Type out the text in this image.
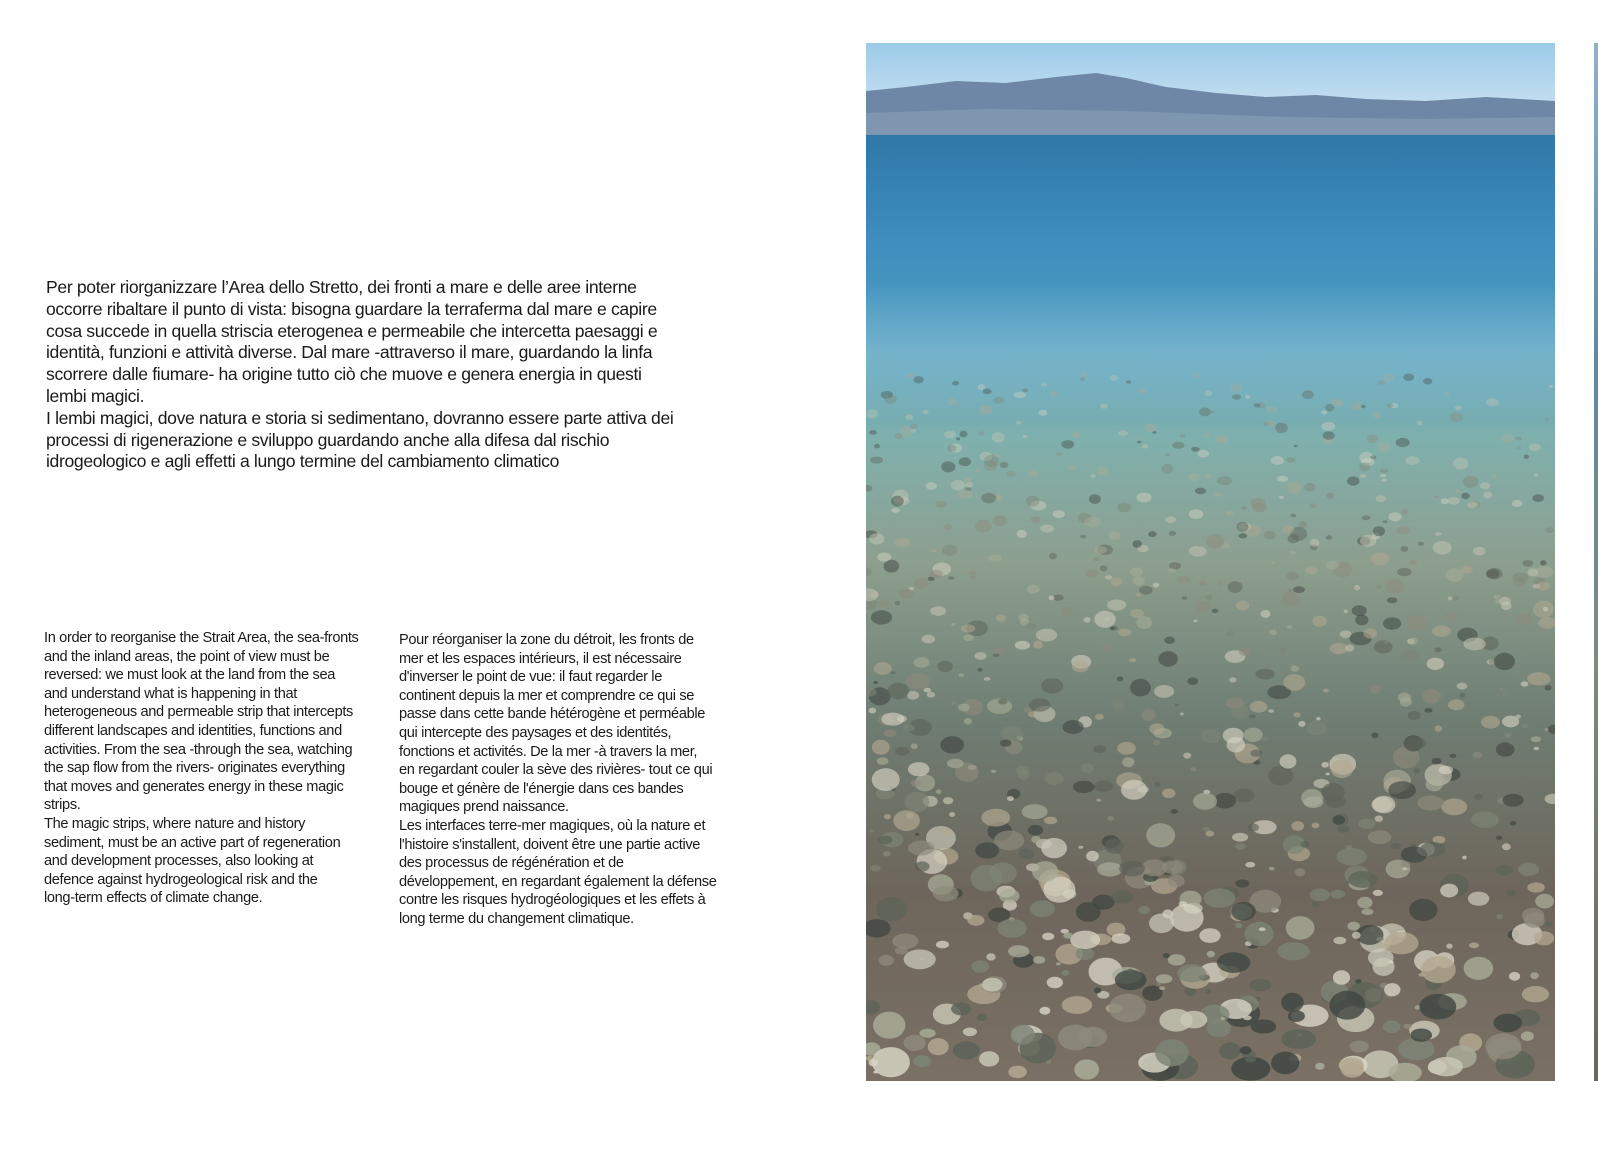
Per poter riorganizzare l’Area dello Stretto, dei fronti a mare e delle aree interne
occorre ribaltare il punto di vista: bisogna guardare la terraferma dal mare e capire
cosa succede in quella striscia eterogenea e permeabile che intercetta paesaggi e
identità, funzioni e attività diverse. Dal mare -attraverso il mare, guardando la linfa
scorrere dalle fiumare- ha origine tutto ciò che muove e genera energia in questi
lembi magici.

I lembi magici, dove natura e storia si sedimentano, dovranno essere parte attiva dei
processi di rigenerazione e sviluppo guardando anche alla difesa dal rischio
idrogeologico e agli effetti a lungo termine del cambiamento climatico

In order to reorganise the Strait Area, the sea-fronts
and the inland areas, the point of view must be
reversed: we must look at the land from the sea
and understand what is happening in that
heterogeneous and permeable strip that intercepts
different landscapes and identities, functions and
activities. From the sea -through the sea, watching
the sap flow from the rivers- originates everything
that moves and generates energy in these magic
strips.

The magic strips, where nature and history
sediment, must be an active part of regeneration
and development processes, also looking at
defence against hydrogeological risk and the
long-term effects of climate change.

Pour réorganiser la zone du détroit, les fronts de
mer et les espaces intérieurs, il est nécessaire
d'inverser le point de vue: il faut regarder le
continent depuis la mer et comprendre ce qui se
passe dans cette bande hétérogène et perméable
qui intercepte des paysages et des identités,
fonctions et activités. De la mer -à travers la mer,
en regardant couler la sève des rivières- tout ce qui
bouge et génère de l'énergie dans ces bandes
magiques prend naissance.

Les interfaces terre-mer magiques, où la nature et
l'histoire s'installent, doivent être une partie active
des processus de régénération et de
développement, en regardant également la défense
contre les risques hydrogéologiques et les effets à
long terme du changement climatique.
